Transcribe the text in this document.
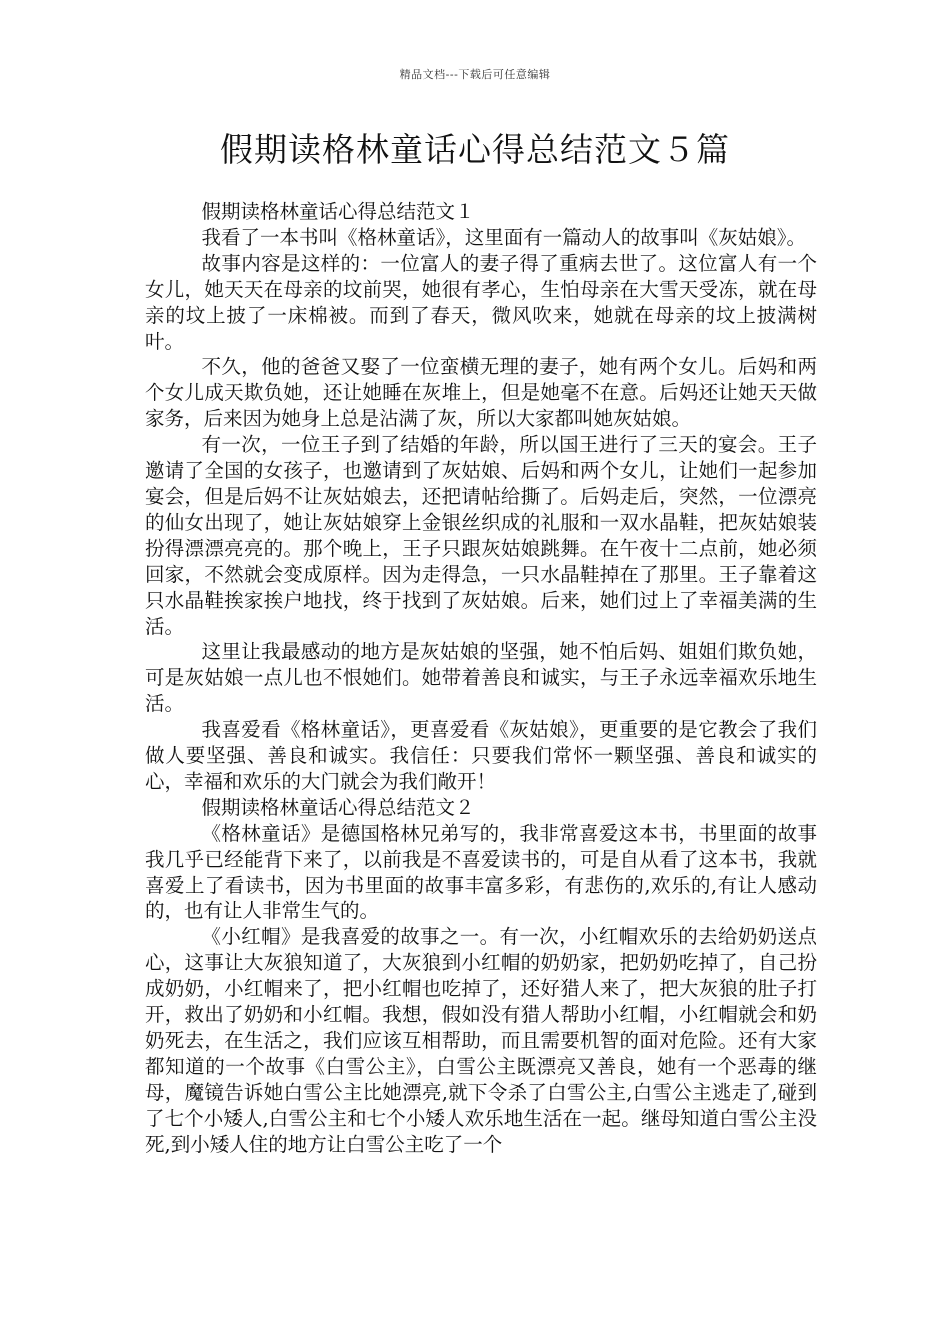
精品文档---下载后可任意编辑
假期读格林童话心得总结范文５篇

假期读格林童话心得总结范文１

我看了一本书叫《格林童话》，这里面有一篇动人的故事叫《灰姑娘》。

故事内容是这样的：一位富人的妻子得了重病去世了。这位富人有一个女儿，她天天在母亲的坟前哭，她很有孝心，生怕母亲在大雪天受冻，就在母亲的坟上披了一床棉被。而到了春天，微风吹来，她就在母亲的坟上披满树叶。

不久，他的爸爸又娶了一位蛮横无理的妻子，她有两个女儿。后妈和两个女儿成天欺负她，还让她睡在灰堆上，但是她毫不在意。后妈还让她天天做家务，后来因为她身上总是沾满了灰，所以大家都叫她灰姑娘。

有一次，一位王子到了结婚的年龄，所以国王进行了三天的宴会。王子邀请了全国的女孩子，也邀请到了灰姑娘、后妈和两个女儿，让她们一起参加宴会，但是后妈不让灰姑娘去，还把请帖给撕了。后妈走后，突然，一位漂亮的仙女出现了，她让灰姑娘穿上金银丝织成的礼服和一双水晶鞋，把灰姑娘装扮得漂漂亮亮的。那个晚上，王子只跟灰姑娘跳舞。在午夜十二点前，她必须回家，不然就会变成原样。因为走得急，一只水晶鞋掉在了那里。王子靠着这只水晶鞋挨家挨户地找，终于找到了灰姑娘。后来，她们过上了幸福美满的生活。

这里让我最感动的地方是灰姑娘的坚强，她不怕后妈、姐姐们欺负她，可是灰姑娘一点儿也不恨她们。她带着善良和诚实，与王子永远幸福欢乐地生活。

我喜爱看《格林童话》，更喜爱看《灰姑娘》，更重要的是它教会了我们做人要坚强、善良和诚实。我信任：只要我们常怀一颗坚强、善良和诚实的心，幸福和欢乐的大门就会为我们敞开！

假期读格林童话心得总结范文２

《格林童话》是德国格林兄弟写的，我非常喜爱这本书，书里面的故事我几乎已经能背下来了，以前我是不喜爱读书的，可是自从看了这本书，我就喜爱上了看读书，因为书里面的故事丰富多彩，有悲伤的,欢乐的,有让人感动的，也有让人非常生气的。

《小红帽》是我喜爱的故事之一。有一次，小红帽欢乐的去给奶奶送点心，这事让大灰狼知道了，大灰狼到小红帽的奶奶家，把奶奶吃掉了，自己扮成奶奶，小红帽来了，把小红帽也吃掉了，还好猎人来了，把大灰狼的肚子打开，救出了奶奶和小红帽。我想，假如没有猎人帮助小红帽，小红帽就会和奶奶死去，在生活之，我们应该互相帮助，而且需要机智的面对危险。还有大家都知道的一个故事《白雪公主》，白雪公主既漂亮又善良，她有一个恶毒的继母，魔镜告诉她白雪公主比她漂亮,就下令杀了白雪公主,白雪公主逃走了,碰到了七个小矮人,白雪公主和七个小矮人欢乐地生活在一起。继母知道白雪公主没死,到小矮人住的地方让白雪公主吃了一个
